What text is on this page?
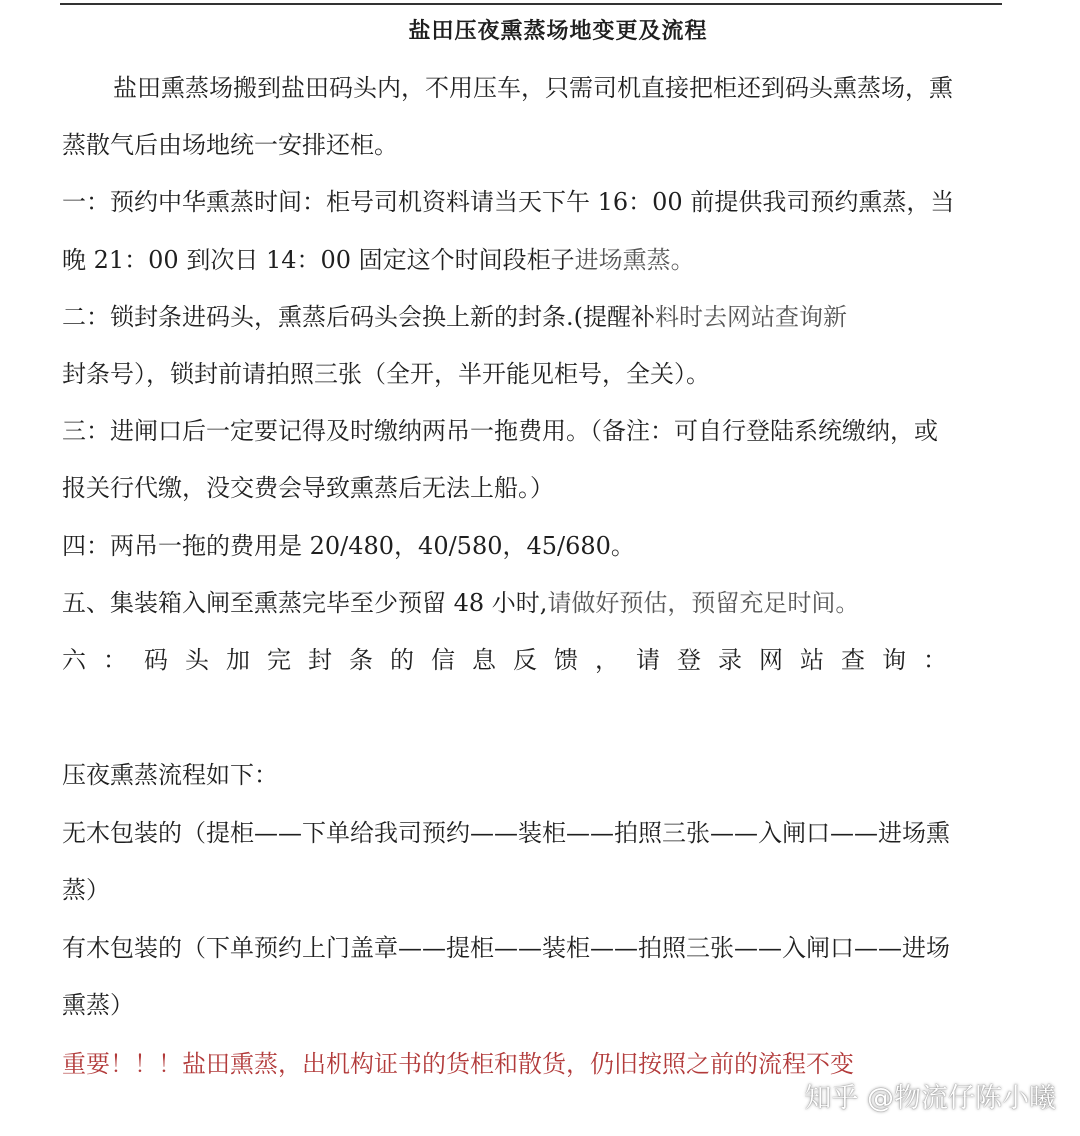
盐田压夜熏蒸场地变更及流程
盐田熏蒸场搬到盐田码头内，不用压车，只需司机直接把柜还到码头熏蒸场，熏
蒸散气后由场地统一安排还柜。
一：预约中华熏蒸时间：柜号司机资料请当天下午 16：00 前提供我司预约熏蒸，当
晚 21：00 到次日 14：00 固定这个时间段柜子进场熏蒸。
二：锁封条进码头，熏蒸后码头会换上新的封条.(提醒补料时去网站查询新
封条号），锁封前请拍照三张（全开，半开能见柜号，全关）。
三：进闸口后一定要记得及时缴纳两吊一拖费用。（备注：可自行登陆系统缴纳，或
报关行代缴，没交费会导致熏蒸后无法上船。）
四：两吊一拖的费用是 20/480，40/580，45/680。
五、集装箱入闸至熏蒸完毕至少预留 48 小时,请做好预估，预留充足时间。
六：码头加完封条的信息反馈，请登录网站查询：
压夜熏蒸流程如下：
无木包装的（提柜——下单给我司预约——装柜——拍照三张——入闸口——进场熏
蒸）
有木包装的（下单预约上门盖章——提柜——装柜——拍照三张——入闸口——进场
熏蒸）
重要！！！盐田熏蒸，出机构证书的货柜和散货，仍旧按照之前的流程不变
知乎 @物流仔陈小曦
